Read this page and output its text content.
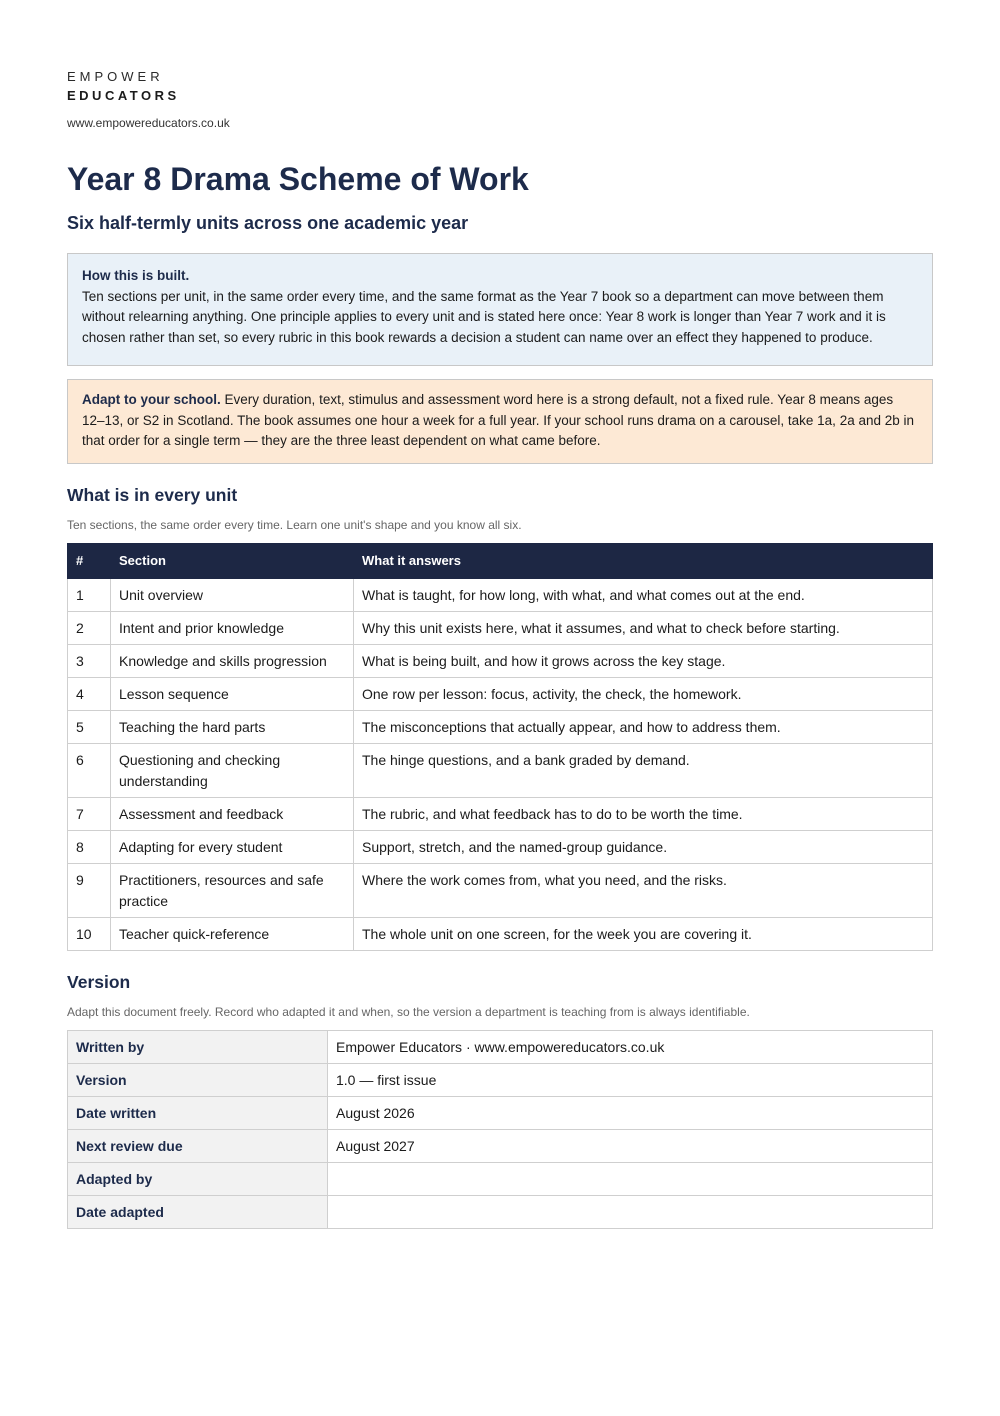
EMPOWER
EDUCATORS
www.empowereducators.co.uk
Year 8 Drama Scheme of Work
Six half-termly units across one academic year
How this is built.
Ten sections per unit, in the same order every time, and the same format as the Year 7 book so a department can move between them without relearning anything. One principle applies to every unit and is stated here once: Year 8 work is longer than Year 7 work and it is chosen rather than set, so every rubric in this book rewards a decision a student can name over an effect they happened to produce.
Adapt to your school. Every duration, text, stimulus and assessment word here is a strong default, not a fixed rule. Year 8 means ages 12–13, or S2 in Scotland. The book assumes one hour a week for a full year. If your school runs drama on a carousel, take 1a, 2a and 2b in that order for a single term — they are the three least dependent on what came before.
What is in every unit
Ten sections, the same order every time. Learn one unit's shape and you know all six.
#	Section	What it answers
1	Unit overview	What is taught, for how long, with what, and what comes out at the end.
2	Intent and prior knowledge	Why this unit exists here, what it assumes, and what to check before starting.
3	Knowledge and skills progression	What is being built, and how it grows across the key stage.
4	Lesson sequence	One row per lesson: focus, activity, the check, the homework.
5	Teaching the hard parts	The misconceptions that actually appear, and how to address them.
6	Questioning and checking understanding	The hinge questions, and a bank graded by demand.
7	Assessment and feedback	The rubric, and what feedback has to do to be worth the time.
8	Adapting for every student	Support, stretch, and the named-group guidance.
9	Practitioners, resources and safe practice	Where the work comes from, what you need, and the risks.
10	Teacher quick-reference	The whole unit on one screen, for the week you are covering it.
Version
Adapt this document freely. Record who adapted it and when, so the version a department is teaching from is always identifiable.
Written by	Empower Educators · www.empowereducators.co.uk
Version	1.0 — first issue
Date written	August 2026
Next review due	August 2027
Adapted by	
Date adapted	
